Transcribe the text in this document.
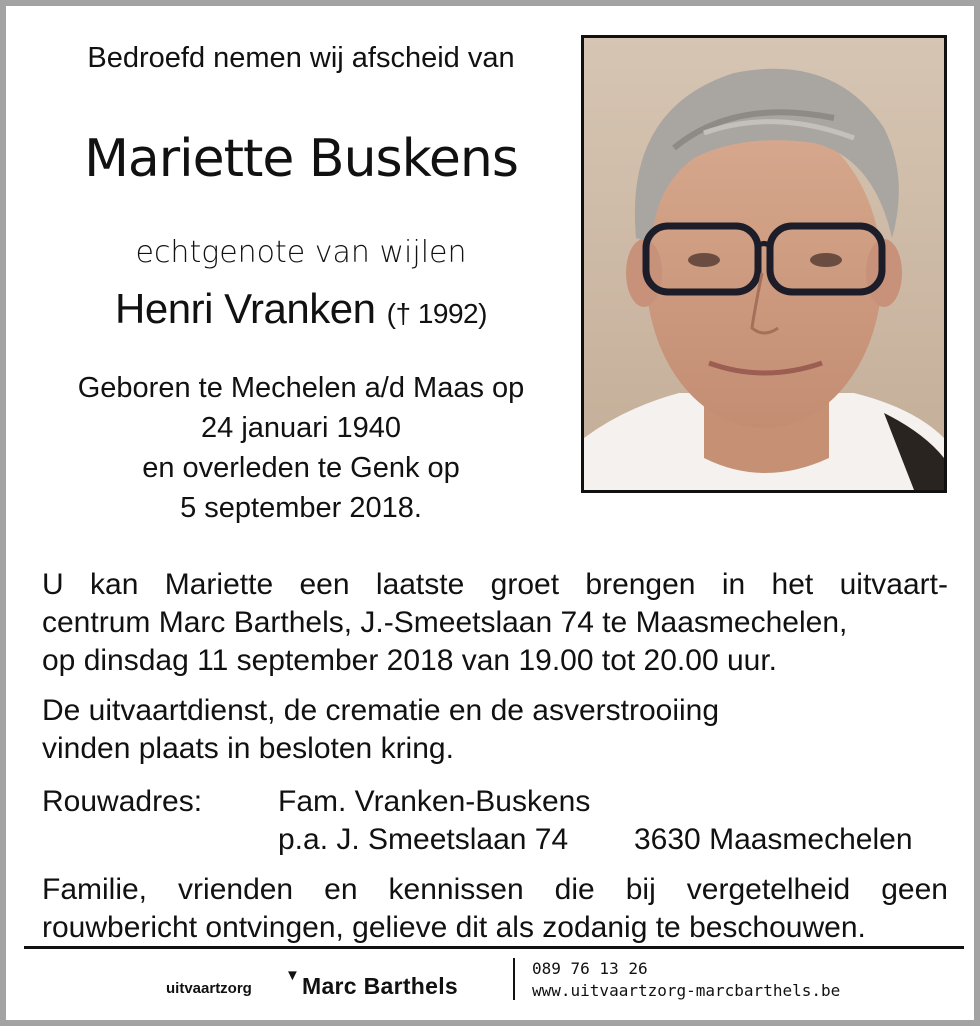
Bedroefd nemen wij afscheid van
Mariette Buskens
echtgenote van wijlen
Henri Vranken († 1992)
Geboren te Mechelen a/d Maas op
24 januari 1940
en overleden te Genk op
5 september 2018.
U kan Mariette een laatste groet brengen in het uitvaart-
centrum Marc Barthels, J.-Smeetslaan 74 te Maasmechelen,
op dinsdag 11 september 2018 van 19.00 tot 20.00 uur.
De uitvaartdienst, de crematie en de asverstrooiing
vinden plaats in besloten kring.
Rouwadres:	Fam. Vranken-Buskens
p.a. J. Smeetslaan 74 3630 Maasmechelen
Familie, vrienden en kennissen die bij vergetelheid geen
rouwbericht ontvingen, gelieve dit als zodanig te beschouwen.
uitvaartzorg
▼ Marc Barthels
089 76 13 26
www.uitvaartzorg-marcbarthels.be
